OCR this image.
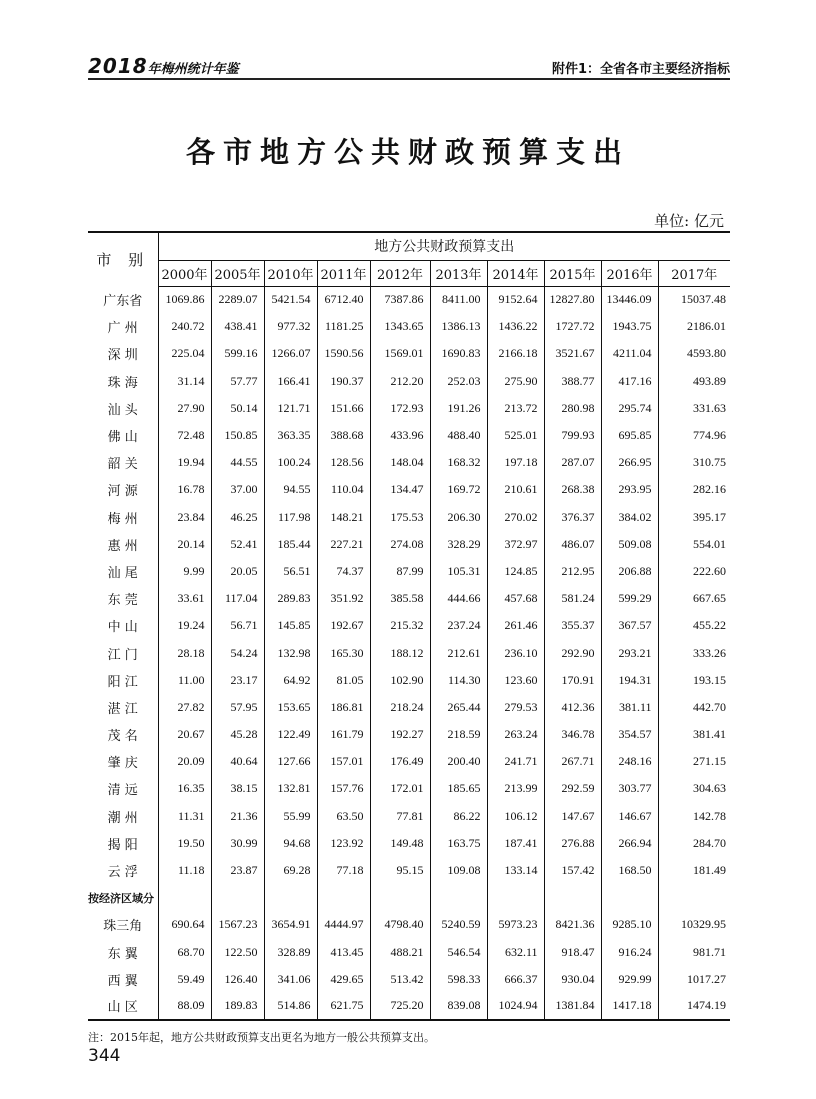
2018年梅州统计年鉴	附件1：全省各市主要经济指标
各市地方公共财政预算支出
单位: 亿元
市 别	地方公共财政预算支出									
	2000年	2005年	2010年	2011年	2012年	2013年	2014年	2015年	2016年	2017年
广东省	1069.86	2289.07	5421.54	6712.40	7387.86	8411.00	9152.64	12827.80	13446.09	15037.48
广 州	240.72	438.41	977.32	1181.25	1343.65	1386.13	1436.22	1727.72	1943.75	2186.01
深 圳	225.04	599.16	1266.07	1590.56	1569.01	1690.83	2166.18	3521.67	4211.04	4593.80
珠 海	31.14	57.77	166.41	190.37	212.20	252.03	275.90	388.77	417.16	493.89
汕 头	27.90	50.14	121.71	151.66	172.93	191.26	213.72	280.98	295.74	331.63
佛 山	72.48	150.85	363.35	388.68	433.96	488.40	525.01	799.93	695.85	774.96
韶 关	19.94	44.55	100.24	128.56	148.04	168.32	197.18	287.07	266.95	310.75
河 源	16.78	37.00	94.55	110.04	134.47	169.72	210.61	268.38	293.95	282.16
梅 州	23.84	46.25	117.98	148.21	175.53	206.30	270.02	376.37	384.02	395.17
惠 州	20.14	52.41	185.44	227.21	274.08	328.29	372.97	486.07	509.08	554.01
汕 尾	9.99	20.05	56.51	74.37	87.99	105.31	124.85	212.95	206.88	222.60
东 莞	33.61	117.04	289.83	351.92	385.58	444.66	457.68	581.24	599.29	667.65
中 山	19.24	56.71	145.85	192.67	215.32	237.24	261.46	355.37	367.57	455.22
江 门	28.18	54.24	132.98	165.30	188.12	212.61	236.10	292.90	293.21	333.26
阳 江	11.00	23.17	64.92	81.05	102.90	114.30	123.60	170.91	194.31	193.15
湛 江	27.82	57.95	153.65	186.81	218.24	265.44	279.53	412.36	381.11	442.70
茂 名	20.67	45.28	122.49	161.79	192.27	218.59	263.24	346.78	354.57	381.41
肇 庆	20.09	40.64	127.66	157.01	176.49	200.40	241.71	267.71	248.16	271.15
清 远	16.35	38.15	132.81	157.76	172.01	185.65	213.99	292.59	303.77	304.63
潮 州	11.31	21.36	55.99	63.50	77.81	86.22	106.12	147.67	146.67	142.78
揭 阳	19.50	30.99	94.68	123.92	149.48	163.75	187.41	276.88	266.94	284.70
云 浮	11.18	23.87	69.28	77.18	95.15	109.08	133.14	157.42	168.50	181.49
按经济区域分										
珠三角	690.64	1567.23	3654.91	4444.97	4798.40	5240.59	5973.23	8421.36	9285.10	10329.95
东 翼	68.70	122.50	328.89	413.45	488.21	546.54	632.11	918.47	916.24	981.71
西 翼	59.49	126.40	341.06	429.65	513.42	598.33	666.37	930.04	929.99	1017.27
山 区	88.09	189.83	514.86	621.75	725.20	839.08	1024.94	1381.84	1417.18	1474.19
注：2015年起，地方公共财政预算支出更名为地方一般公共预算支出。
344
